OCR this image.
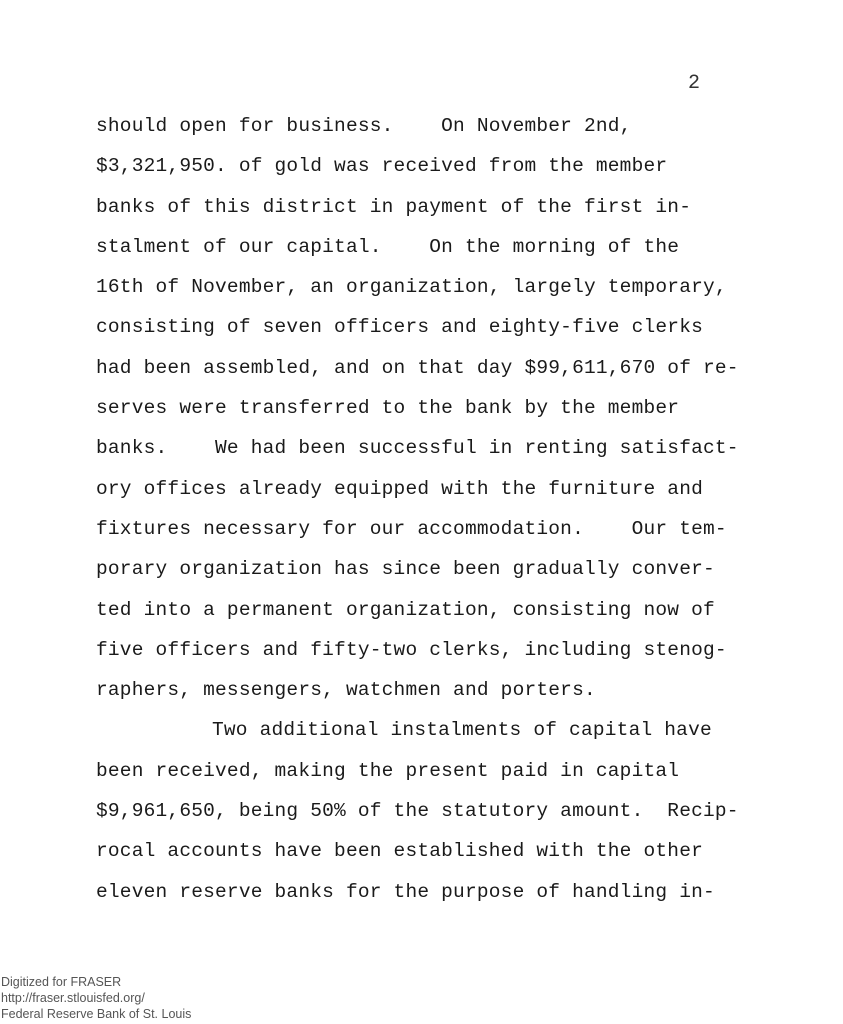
2
should open for business.    On November 2nd,
$3,321,950. of gold was received from the member
banks of this district in payment of the first in-
stalment of our capital.    On the morning of the
16th of November, an organization, largely temporary,
consisting of seven officers and eighty-five clerks
had been assembled, and on that day $99,611,670 of re-
serves were transferred to the bank by the member
banks.    We had been successful in renting satisfact-
ory offices already equipped with the furniture and
fixtures necessary for our accommodation.    Our tem-
porary organization has since been gradually conver-
ted into a permanent organization, consisting now of
five officers and fifty-two clerks, including stenog-
raphers, messengers, watchmen and porters.
Two additional instalments of capital have
been received, making the present paid in capital
$9,961,650, being 50% of the statutory amount.  Recip-
rocal accounts have been established with the other
eleven reserve banks for the purpose of handling in-
Digitized for FRASER
http://fraser.stlouisfed.org/
Federal Reserve Bank of St. Louis
